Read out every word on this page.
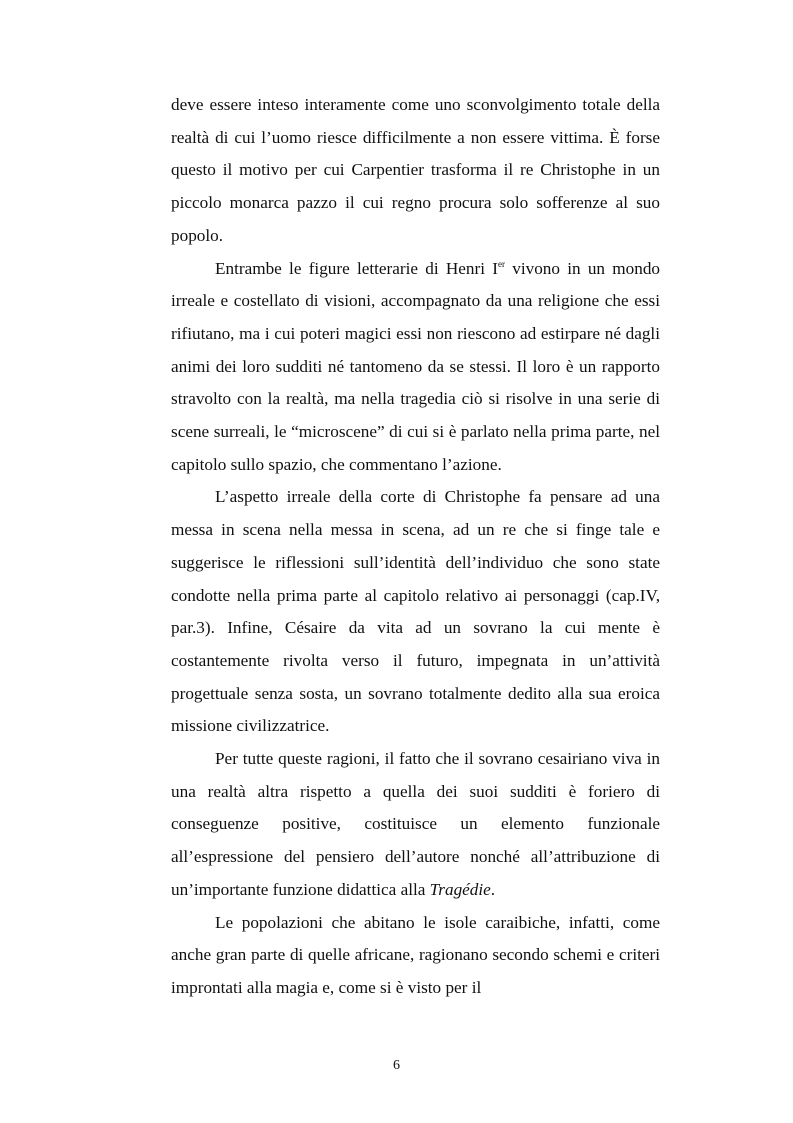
deve essere inteso interamente come uno sconvolgimento totale della realtà di cui l’uomo riesce difficilmente a non essere vittima. È forse questo il motivo per cui Carpentier trasforma il re Christophe in un piccolo monarca pazzo il cui regno procura solo sofferenze al suo popolo.

Entrambe le figure letterarie di Henri Ier vivono in un mondo irreale e costellato di visioni, accompagnato da una religione che essi rifiutano, ma i cui poteri magici essi non riescono ad estirpare né dagli animi dei loro sudditi né tantomeno da se stessi. Il loro è un rapporto stravolto con la realtà, ma nella tragedia ciò si risolve in una serie di scene surreali, le “microscene” di cui si è parlato nella prima parte, nel capitolo sullo spazio, che commentano l’azione.

L’aspetto irreale della corte di Christophe fa pensare ad una messa in scena nella messa in scena, ad un re che si finge tale e suggerisce le riflessioni sull’identità dell’individuo che sono state condotte nella prima parte al capitolo relativo ai personaggi (cap.IV, par.3). Infine, Césaire da vita ad un sovrano la cui mente è costantemente rivolta verso il futuro, impegnata in un’attività progettuale senza sosta, un sovrano totalmente dedito alla sua eroica missione civilizzatrice.

Per tutte queste ragioni, il fatto che il sovrano cesairiano viva in una realtà altra rispetto a quella dei suoi sudditi è foriero di conseguenze positive, costituisce un elemento funzionale all’espressione del pensiero dell’autore nonché all’attribuzione di un’importante funzione didattica alla Tragédie.

Le popolazioni che abitano le isole caraibiche, infatti, come anche gran parte di quelle africane, ragionano secondo schemi e criteri improntati alla magia e, come si è visto per il

6
